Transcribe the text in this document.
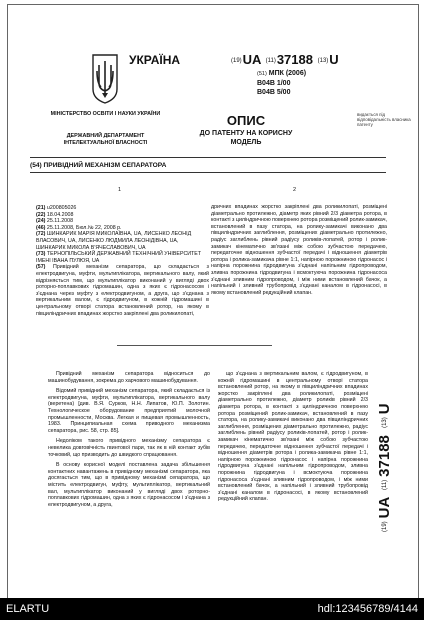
УКРАЇНА
МІНІСТЕРСТВО ОСВІТИ І НАУКИ УКРАЇНИ
ДЕРЖАВНИЙ ДЕПАРТАМЕНТ ІНТЕЛЕКТУАЛЬНОЇ ВЛАСНОСТІ
(19)UA (11)37188 (13)U
(51) МПК (2006)
B04B 1/00
B04B 5/00
ОПИС
ДО ПАТЕНТУ НА КОРИСНУ МОДЕЛЬ
видається під відповідальність власника патенту
(54) ПРИВІДНИЙ МЕХАНІЗМ СЕПАРАТОРА
1	2
(21) u200805026
(22) 18.04.2008
(24) 25.11.2008
(46) 25.11.2008, Бюл.№ 22, 2008 р.
(72) ШИНКАРИК МАРІЯ МИКОЛАЇВНА, UA, ЛИСЕНКО ЛЕОНІД ВЛАСОВИЧ, UA, ЛИСЕНКО ЛЮДМИЛА ЛЕОНІДІВНА, UA, ШИНКАРИК МИКОЛА В'ЯЧЕСЛАВОВИЧ, UA
(73) ТЕРНОПІЛЬСЬКИЙ ДЕРЖАВНИЙ ТЕХНІЧНИЙ УНІВЕРСИТЕТ ІМЕНІ ІВАНА ПУЛЮЯ, UA
(57) Привідний механізм сепаратора, що складається з електродвигуна, муфти, мультиплікатора, вертикального валу, який відрізняється тим, що мультиплікатор виконаний у вигляді двох роторно-поплавкових гідромашин, одна з яких є гідронасосом і з'єднана через муфту з електродвигуном, а друга, що з'єднана з вертикальним валом, є гідродвигуном, в кожній гідромашині в центральному отворі статора встановлений ротор, на якому в півциліндричних впадинах жорстко закріплені два роликилопаті,
дричних впадинах жорстко закріплені два роликилопаті, розміщені діаметрально протилежно, діаметр яких рівний 2/3 діаметра ротора, в контакті з циліндричною поверхнею ротора розміщений ролик-замикач, встановлений в пазу статора, на ролику-замикачі виконано два півциліндричних заглиблення, розміщених діаметрально протилежно, радіус заглиблень рівний радіусу роликів-лопатей, ротор і ролик-замикач кінематично зв'язані між собою зубчастою передачею, передаточне відношення зубчастої передачі і відношення діаметрів ротора і ролика-замикача рівне 1:1, напірною порожниною гідронасос і напірна порожнина гідродвигуна з'єднані напільним гідропроводом, зливна порожнина гідродвигуна і всмоктуюча порожнина гідронасоса з'єднані зливним гідропроводом, і між ними встановлений бачок, а напільний і зливний трубопровід з'єднані каналом в гідронасосі, в якому встановлений редукційний клапан.

Привідний механізм сепаратора відноситься до машинобудування, зокрема до харчового машинобудування.

Відомий привідний механізм сепаратора, який складається із електродвигуна, муфти, мультиплікатора, вертикального валу (веретена) [див. В.Я. Сурков, Н.Н. Липатов, Ю.П. Золотин. Технологическое оборудование предприятий молочной промышленности, Москва. Легкая и пищевая промышленность, 1983. Принципиальная схема приводного механизма сепаратора, рис. 58, стр. 85].

Недоліком такого привідного механізму сепаратора є невелика довговічність гвинтової пари, так як в ній контакт зубів точковий, що призводить до швидкого спрацювання.

В основу корисної моделі поставлена задача збільшення контактних навантажень в привідному механізмі сепаратора, яка досягається тим, що в привідному механізмі сепаратора, що містить електродвигун, муфту, мультиплікатор, вертикальний вал, мультиплікатор виконаний у вигляді двох роторно-поплавкових гідромашин, одна з яких є гідронасосом і з'єднана з електродвигуном, а друга,

що з'єднана з вертикальним валом, є гідродвигуном, в кожній гідромашині в центральному отворі статора встановлений ротор, на якому в півциліндричних впадинах жорстко закріплені два роликилопаті, розміщені діаметрально протилежно, діаметр роликів рівний 2/3 діаметра ротора, в контакті з циліндричною поверхнею ротора розміщений ролик-замикач, встановлений в пазу статора, на ролику-замикачі виконано два півциліндричних заглиблення, розміщених діаметрально протилежно, радіус заглиблень рівний радіусу роликів-лопатей, ротор і ролик-замикач кінематично зв'язані між собою зубчастою передачею, передаточне відношення зубчастої передачі і відношення діаметрів ротора і ролика-замикача рівне 1:1, напірною порожниною гідронасос і напірна порожнина гідродвигуна з'єднані напільним гідропроводом, зливна порожнина гідродвигуна і всмоктуюча порожнина гідронасоса з'єднані зливним гідропроводом, і між ними встановлений бачок, а напільний і зливний трубопровід з'єднані каналом в гідронасосі, в якому встановлений редукційний клапан.

(19)UA (11)37188 (13)U
ELARTU	hdl:123456789/4144
